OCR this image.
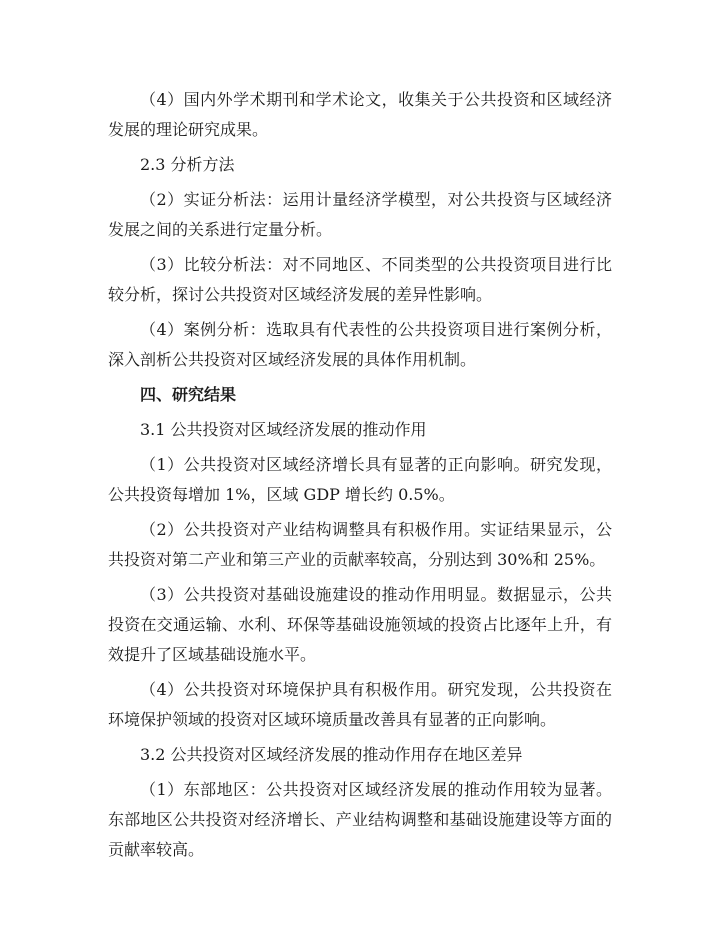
（4）国内外学术期刊和学术论文，收集关于公共投资和区域经济发展的理论研究成果。

2.3 分析方法

（2）实证分析法：运用计量经济学模型，对公共投资与区域经济发展之间的关系进行定量分析。

（3）比较分析法：对不同地区、不同类型的公共投资项目进行比较分析，探讨公共投资对区域经济发展的差异性影响。

（4）案例分析：选取具有代表性的公共投资项目进行案例分析，深入剖析公共投资对区域经济发展的具体作用机制。

四、研究结果

3.1 公共投资对区域经济发展的推动作用

（1）公共投资对区域经济增长具有显著的正向影响。研究发现，公共投资每增加 1%，区域 GDP 增长约 0.5%。

（2）公共投资对产业结构调整具有积极作用。实证结果显示，公共投资对第二产业和第三产业的贡献率较高，分别达到 30%和 25%。

（3）公共投资对基础设施建设的推动作用明显。数据显示，公共投资在交通运输、水利、环保等基础设施领域的投资占比逐年上升，有效提升了区域基础设施水平。

（4）公共投资对环境保护具有积极作用。研究发现，公共投资在环境保护领域的投资对区域环境质量改善具有显著的正向影响。

3.2 公共投资对区域经济发展的推动作用存在地区差异

（1）东部地区：公共投资对区域经济发展的推动作用较为显著。东部地区公共投资对经济增长、产业结构调整和基础设施建设等方面的贡献率较高。
